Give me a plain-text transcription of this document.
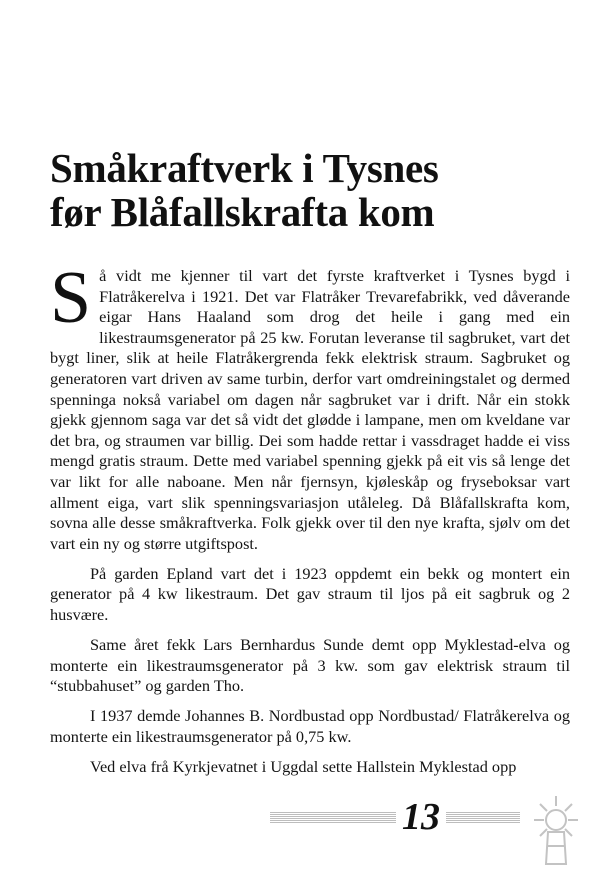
Småkraftverk i Tysnes
før Blåfallskrafta kom

Så vidt me kjenner til vart det fyrste kraftverket i Tysnes bygd i Flatråkerelva i 1921. Det var Flatråker Trevarefabrikk, ved dåverande eigar Hans Haaland som drog det heile i gang med ein likestraumsgenerator på 25 kw. Forutan leveranse til sagbruket, vart det bygt liner, slik at heile Flatråkergrenda fekk elektrisk straum. Sagbruket og generatoren vart driven av same turbin, derfor vart omdreiningstalet og dermed spenninga nokså variabel om dagen når sagbruket var i drift. Når ein stokk gjekk gjennom saga var det så vidt det glødde i lampane, men om kveldane var det bra, og straumen var billig. Dei som hadde rettar i vassdraget hadde ei viss mengd gratis straum. Dette med variabel spenning gjekk på eit vis så lenge det var likt for alle naboane. Men når fjernsyn, kjøleskåp og fryseboksar vart allment eiga, vart slik spenningsvariasjon utåleleg. Då Blåfallskrafta kom, sovna alle desse småkraftverka. Folk gjekk over til den nye krafta, sjølv om det vart ein ny og større utgiftspost.

På garden Epland vart det i 1923 oppdemt ein bekk og montert ein generator på 4 kw likestraum. Det gav straum til ljos på eit sagbruk og 2 husvære.

Same året fekk Lars Bernhardus Sunde demt opp Myklestad-elva og monterte ein likestraumsgenerator på 3 kw. som gav elektrisk straum til “stubbahuset” og garden Tho.

I 1937 demde Johannes B. Nordbustad opp Nordbustad/ Flatråkerelva og monterte ein likestraumsgenerator på 0,75 kw.

Ved elva frå Kyrkjevatnet i Uggdal sette Hallstein Myklestad opp

13
